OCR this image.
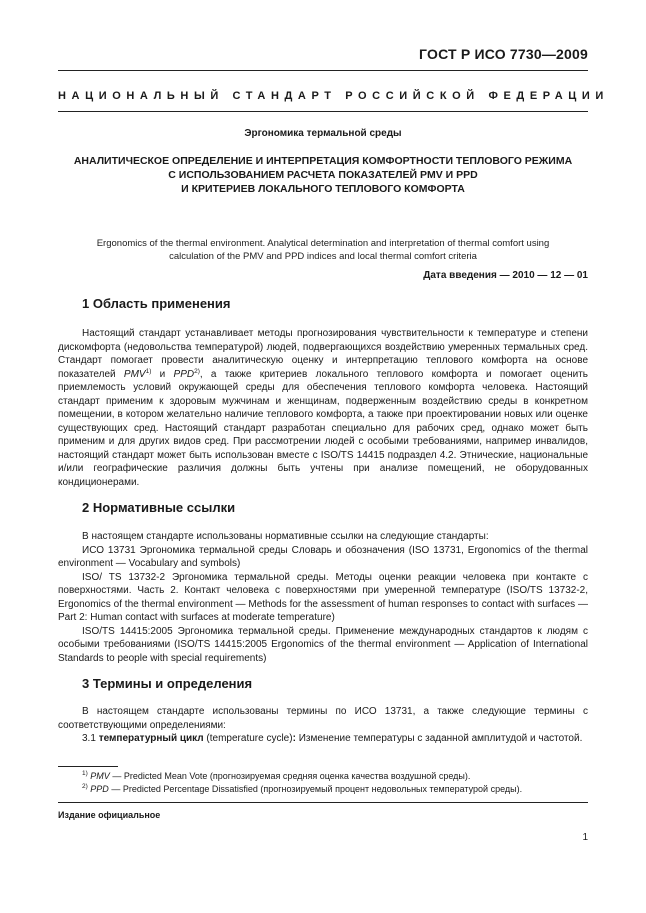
ГОСТ Р ИСО 7730—2009
НАЦИОНАЛЬНЫЙ СТАНДАРТ РОССИЙСКОЙ ФЕДЕРАЦИИ
Эргономика термальной среды
АНАЛИТИЧЕСКОЕ ОПРЕДЕЛЕНИЕ И ИНТЕРПРЕТАЦИЯ КОМФОРТНОСТИ ТЕПЛОВОГО РЕЖИМА
С ИСПОЛЬЗОВАНИЕМ РАСЧЕТА ПОКАЗАТЕЛЕЙ PMV И PPD
И КРИТЕРИЕВ ЛОКАЛЬНОГО ТЕПЛОВОГО КОМФОРТА
Ergonomics of the thermal environment. Analytical determination and interpretation of thermal comfort using
calculation of the PMV and PPD indices and local thermal comfort criteria
Дата введения — 2010 — 12 — 01
1 Область применения

Настоящий стандарт устанавливает методы прогнозирования чувствительности к температуре и степени дискомфорта (недовольства температурой) людей, подвергающихся воздействию умеренных термальных сред. Стандарт помогает провести аналитическую оценку и интерпретацию теплового комфорта на основе показателей PMV$^{1)}$ и PPD$^{2)}$, а также критериев локального теплового комфорта и помогает оценить приемлемость условий окружающей среды для обеспечения теплового комфорта человека. Настоящий стандарт применим к здоровым мужчинам и женщинам, подверженным воздействию среды в конкретном помещении, в котором желательно наличие теплового комфорта, а также при проектировании новых или оценке существующих сред. Настоящий стандарт разработан специально для рабочих сред, однако может быть применим и для других видов сред. При рассмотрении людей с особыми требованиями, например инвалидов, настоящий стандарт может быть использован вместе с ISO/TS 14415 подраздел 4.2. Этнические, национальные и/или географические различия должны быть учтены при анализе помещений, не оборудованных кондиционерами.

2 Нормативные ссылки

В настоящем стандарте использованы нормативные ссылки на следующие стандарты:

ИСО 13731 Эргономика термальной среды Словарь и обозначения (ISO 13731, Ergonomics of the thermal environment — Vocabulary and symbols)

ISO/ TS 13732-2 Эргономика термальной среды. Методы оценки реакции человека при контакте с поверхностями. Часть 2. Контакт человека с поверхностями при умеренной температуре (ISO/TS 13732-2, Ergonomics of the thermal environment — Methods for the assessment of human responses to contact with surfaces — Part 2: Human contact with surfaces at moderate temperature)

ISO/TS 14415:2005 Эргономика термальной среды. Применение международных стандартов к людям с особыми требованиями (ISO/TS 14415:2005 Ergonomics of the thermal environment — Application of International Standards to people with special requirements)

3 Термины и определения

В настоящем стандарте использованы термины по ИСО 13731, а также следующие термины с соответствующими определениями:

3.1 температурный цикл (temperature cycle): Изменение температуры с заданной амплитудой и частотой.

$^{1)}$ PMV — Predicted Mean Vote (прогнозируемая средняя оценка качества воздушной среды).

$^{2)}$ PPD — Predicted Percentage Dissatisfied (прогнозируемый процент недовольных температурой среды).

Издание официальное
1
